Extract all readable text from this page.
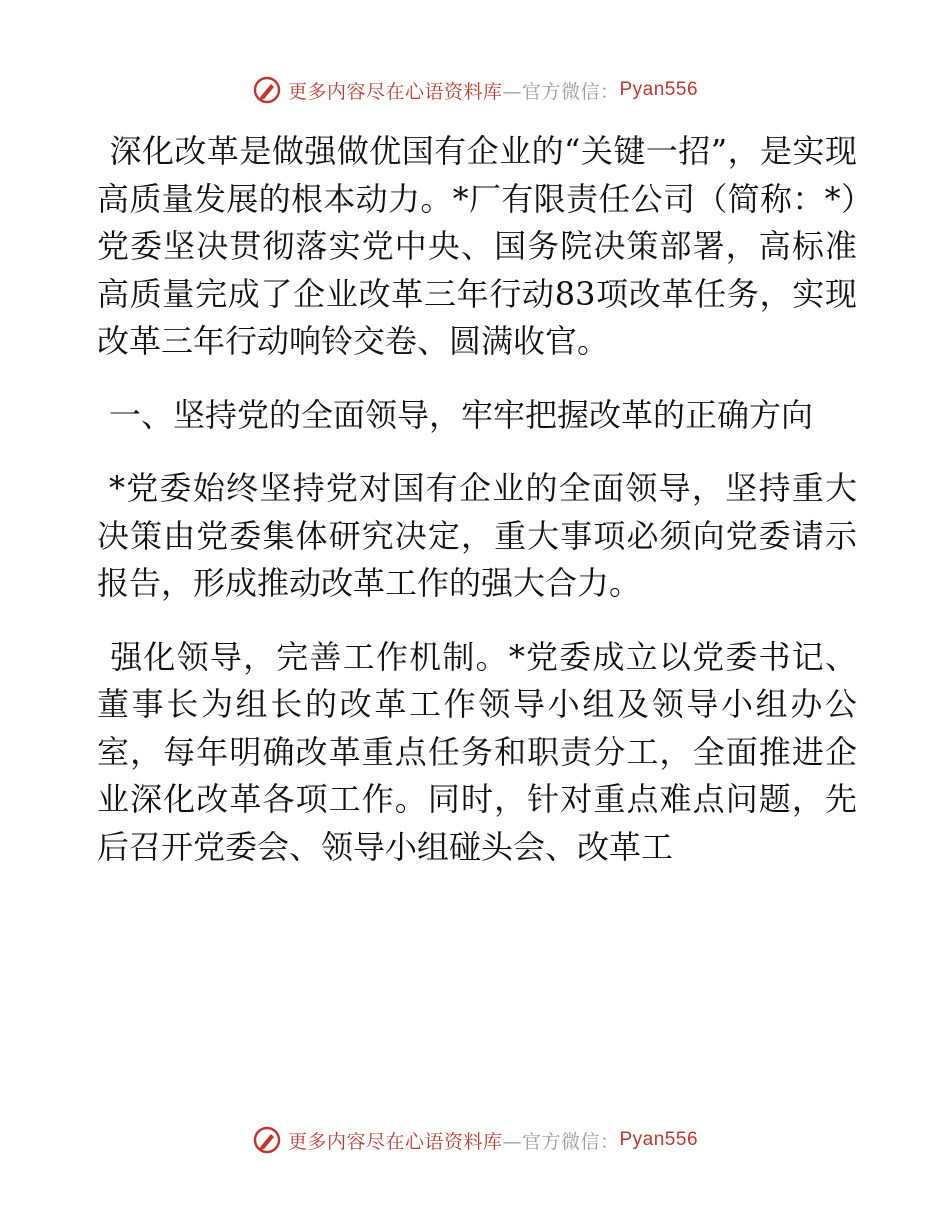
更多内容尽在心语资料库 —官方微信： Pyan556

深化改革是做强做优国有企业的“关键一招”，是实现高质量发展的根本动力。*厂有限责任公司（简称：*）党委坚决贯彻落实党中央、国务院决策部署，高标准高质量完成了企业改革三年行动83项改革任务，实现改革三年行动响铃交卷、圆满收官。

一、坚持党的全面领导，牢牢把握改革的正确方向

*党委始终坚持党对国有企业的全面领导，坚持重大决策由党委集体研究决定，重大事项必须向党委请示报告，形成推动改革工作的强大合力。

强化领导，完善工作机制。*党委成立以党委书记、董事长为组长的改革工作领导小组及领导小组办公室，每年明确改革重点任务和职责分工，全面推进企业深化改革各项工作。同时，针对重点难点问题，先后召开党委会、领导小组碰头会、改革工

更多内容尽在心语资料库 —官方微信： Pyan556
